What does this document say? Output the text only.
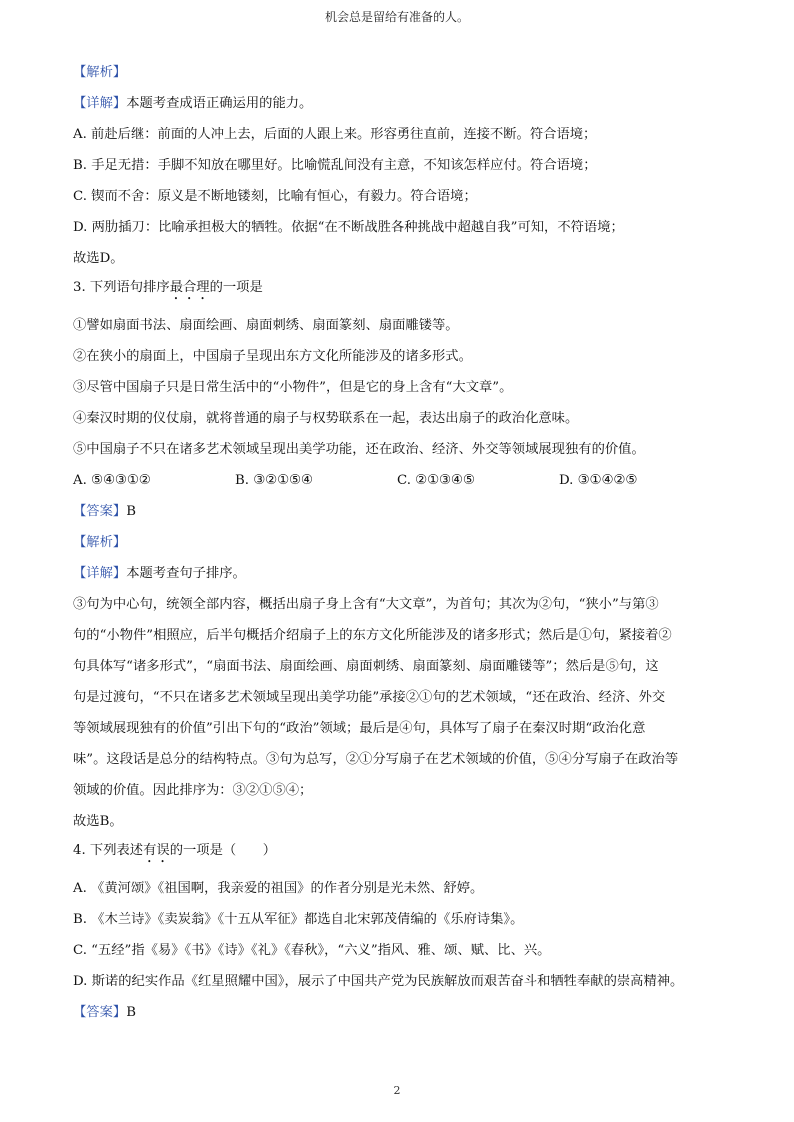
机会总是留给有准备的人。
【解析】
【详解】本题考查成语正确运用的能力。
A. 前赴后继：前面的人冲上去，后面的人跟上来。形容勇往直前，连接不断。符合语境；
B. 手足无措：手脚不知放在哪里好。比喻慌乱间没有主意，不知该怎样应付。符合语境；
C. 锲而不舍：原义是不断地镂刻，比喻有恒心，有毅力。符合语境；
D. 两肋插刀：比喻承担极大的牺牲。依据“在不断战胜各种挑战中超越自我”可知，不符语境；
故选D。
3. 下列语句排序最合理的一项是
①譬如扇面书法、扇面绘画、扇面刺绣、扇面篆刻、扇面雕镂等。
②在狭小的扇面上，中国扇子呈现出东方文化所能涉及的诸多形式。
③尽管中国扇子只是日常生活中的“小物件”，但是它的身上含有“大文章”。
④秦汉时期的仪仗扇，就将普通的扇子与权势联系在一起，表达出扇子的政治化意味。
⑤中国扇子不只在诸多艺术领域呈现出美学功能，还在政治、经济、外交等领域展现独有的价值。
A. ⑤④③①②	B. ③②①⑤④	C. ②①③④⑤	D. ③①④②⑤
【答案】B
【解析】
【详解】本题考查句子排序。
③句为中心句，统领全部内容，概括出扇子身上含有“大文章”，为首句；其次为②句，“狭小”与第③
句的“小物件”相照应，后半句概括介绍扇子上的东方文化所能涉及的诸多形式；然后是①句，紧接着②
句具体写“诸多形式”，“扇面书法、扇面绘画、扇面刺绣、扇面篆刻、扇面雕镂等”；然后是⑤句，这
句是过渡句，“不只在诸多艺术领域呈现出美学功能”承接②①句的艺术领域，“还在政治、经济、外交
等领域展现独有的价值”引出下句的“政治”领域；最后是④句，具体写了扇子在秦汉时期“政治化意
味”。这段话是总分的结构特点。③句为总写，②①分写扇子在艺术领域的价值，⑤④分写扇子在政治等
领域的价值。因此排序为：③②①⑤④；
故选B。
4. 下列表述有误的一项是（　　）
A. 《黄河颂》《祖国啊，我亲爱的祖国》的作者分别是光未然、舒婷。
B. 《木兰诗》《卖炭翁》《十五从军征》都选自北宋郭茂倩编的《乐府诗集》。
C. “五经”指《易》《书》《诗》《礼》《春秋》，“六义”指风、雅、颂、赋、比、兴。
D. 斯诺的纪实作品《红星照耀中国》，展示了中国共产党为民族解放而艰苦奋斗和牺牲奉献的崇高精神。
【答案】B
2
